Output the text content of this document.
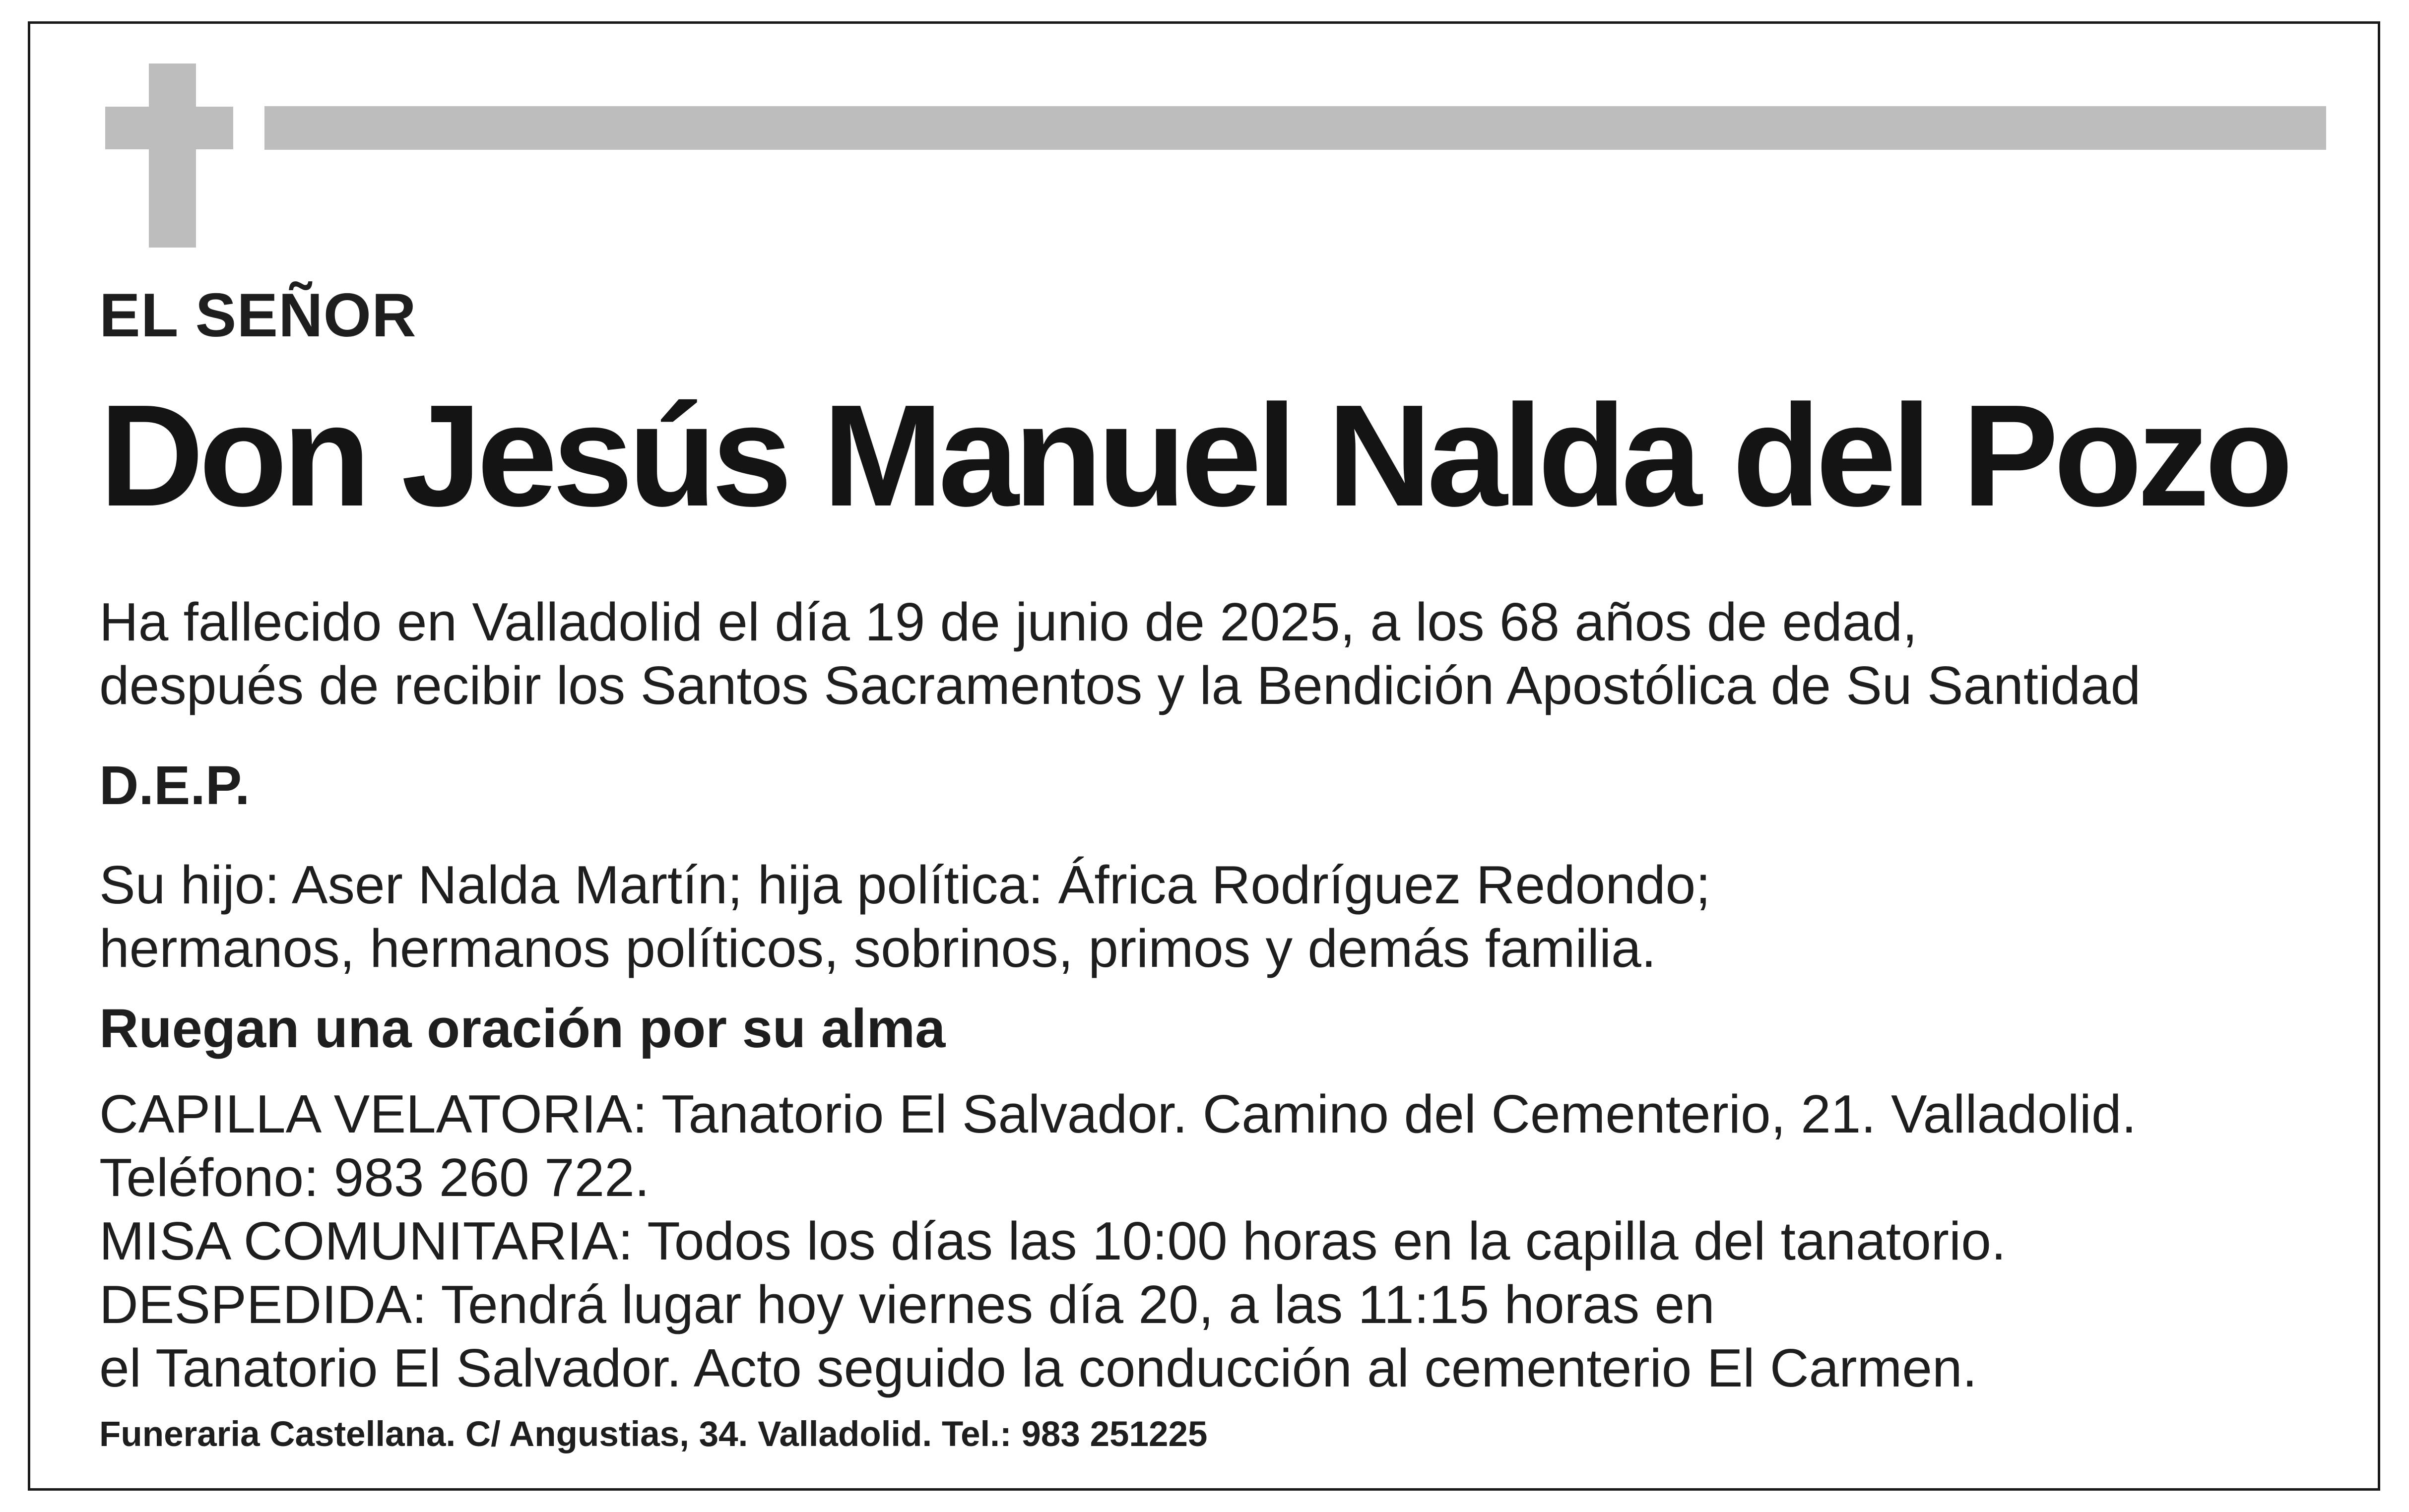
EL SEÑOR

Don Jesús Manuel Nalda del Pozo

Ha fallecido en Valladolid el día 19 de junio de 2025, a los 68 años de edad,
después de recibir los Santos Sacramentos y la Bendición Apostólica de Su Santidad

D.E.P.

Su hijo: Aser Nalda Martín; hija política: África Rodríguez Redondo;
hermanos, hermanos políticos, sobrinos, primos y demás familia.

Ruegan una oración por su alma

CAPILLA VELATORIA: Tanatorio El Salvador. Camino del Cementerio, 21. Valladolid.
Teléfono: 983 260 722.
MISA COMUNITARIA: Todos los días las 10:00 horas en la capilla del tanatorio.
DESPEDIDA: Tendrá lugar hoy viernes día 20, a las 11:15 horas en
el Tanatorio El Salvador. Acto seguido la conducción al cementerio El Carmen.

Funeraria Castellana. C/ Angustias, 34. Valladolid. Tel.: 983 251225
